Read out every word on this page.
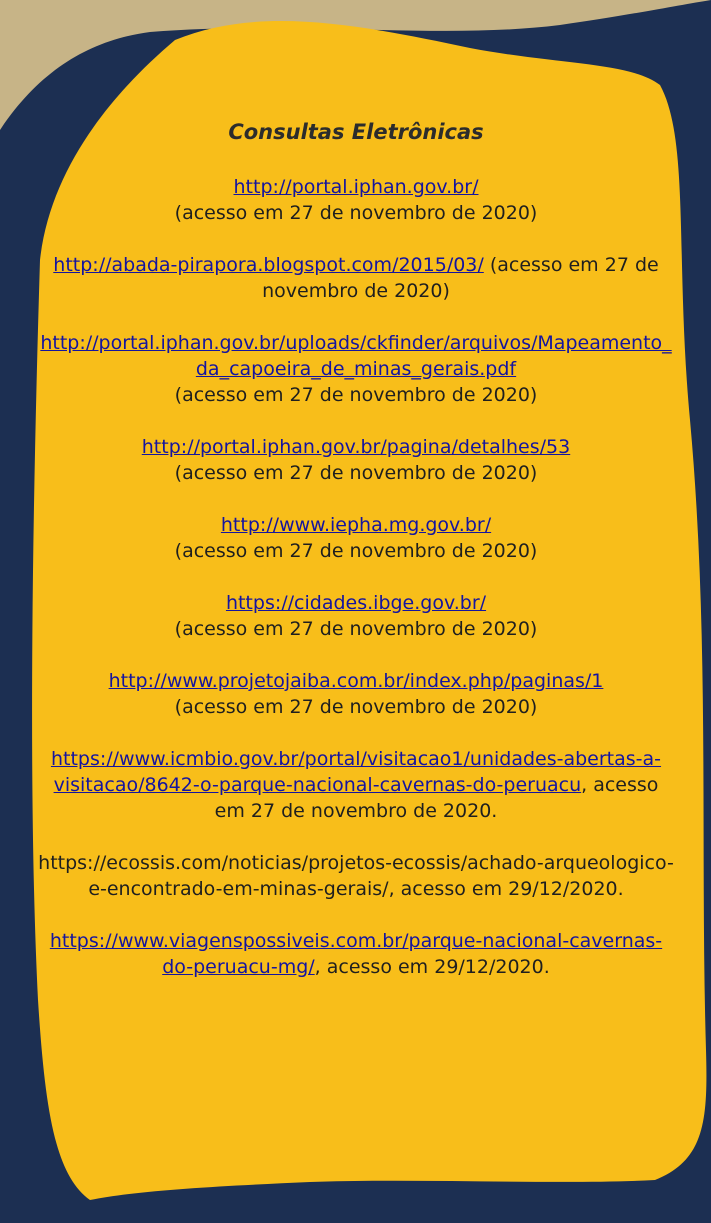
Consultas Eletrônicas
http://portal.iphan.gov.br/
(acesso em 27 de novembro de 2020)
http://abada-pirapora.blogspot.com/2015/03/ (acesso em 27 de novembro de 2020)
http://portal.iphan.gov.br/uploads/ckfinder/arquivos/Mapeamento_da_capoeira_de_minas_gerais.pdf
(acesso em 27 de novembro de 2020)
http://portal.iphan.gov.br/pagina/detalhes/53
(acesso em 27 de novembro de 2020)
http://www.iepha.mg.gov.br/
(acesso em 27 de novembro de 2020)
https://cidades.ibge.gov.br/
(acesso em 27 de novembro de 2020)
http://www.projetojaiba.com.br/index.php/paginas/1
(acesso em 27 de novembro de 2020)
https://www.icmbio.gov.br/portal/visitacao1/unidades-abertas-a-visitacao/8642-o-parque-nacional-cavernas-do-peruacu, acesso em 27 de novembro de 2020.
https://ecossis.com/noticias/projetos-ecossis/achado-arqueologico-e-encontrado-em-minas-gerais/, acesso em 29/12/2020.
https://www.viagenspossiveis.com.br/parque-nacional-cavernas-do-peruacu-mg/, acesso em 29/12/2020.
